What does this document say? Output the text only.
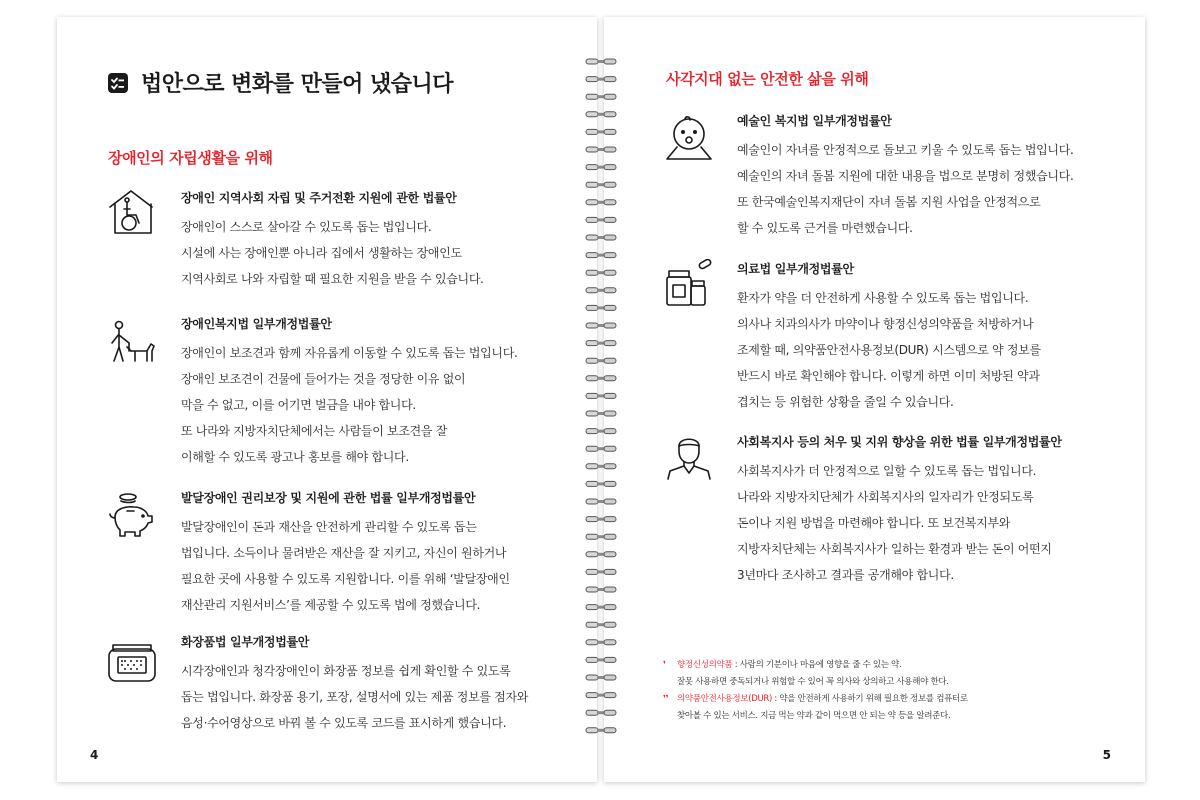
법안으로 변화를 만들어 냈습니다
장애인의 자립생활을 위해
장애인 지역사회 자립 및 주거전환 지원에 관한 법률안

장애인이 스스로 살아갈 수 있도록 돕는 법입니다.

시설에 사는 장애인뿐 아니라 집에서 생활하는 장애인도

지역사회로 나와 자립할 때 필요한 지원을 받을 수 있습니다.

장애인복지법 일부개정법률안

장애인이 보조견과 함께 자유롭게 이동할 수 있도록 돕는 법입니다.

장애인 보조견이 건물에 들어가는 것을 정당한 이유 없이

막을 수 없고, 이를 어기면 벌금을 내야 합니다.

또 나라와 지방자치단체에서는 사람들이 보조견을 잘

이해할 수 있도록 광고나 홍보를 해야 합니다.

발달장애인 권리보장 및 지원에 관한 법률 일부개정법률안

발달장애인이 돈과 재산을 안전하게 관리할 수 있도록 돕는

법입니다. 소득이나 물려받은 재산을 잘 지키고, 자신이 원하거나

필요한 곳에 사용할 수 있도록 지원합니다. 이를 위해 ‘발달장애인

재산관리 지원서비스’를 제공할 수 있도록 법에 정했습니다.

화장품법 일부개정법률안

시각장애인과 청각장애인이 화장품 정보를 쉽게 확인할 수 있도록

돕는 법입니다. 화장품 용기, 포장, 설명서에 있는 제품 정보를 점자와

음성·수어영상으로 바꿔 볼 수 있도록 코드를 표시하게 했습니다.

4
사각지대 없는 안전한 삶을 위해
예술인 복지법 일부개정법률안

예술인이 자녀를 안정적으로 돌보고 키울 수 있도록 돕는 법입니다.

예술인의 자녀 돌봄 지원에 대한 내용을 법으로 분명히 정했습니다.

또 한국예술인복지재단이 자녀 돌봄 지원 사업을 안정적으로

할 수 있도록 근거를 마련했습니다.

의료법 일부개정법률안

환자가 약을 더 안전하게 사용할 수 있도록 돕는 법입니다.

의사나 치과의사가 마약이나 향정신성의약품을 처방하거나

조제할 때, 의약품안전사용정보(DUR) 시스템으로 약 정보를

반드시 바로 확인해야 합니다. 이렇게 하면 이미 처방된 약과

겹치는 등 위험한 상황을 줄일 수 있습니다.

사회복지사 등의 처우 및 지위 향상을 위한 법률 일부개정법률안

사회복지사가 더 안정적으로 일할 수 있도록 돕는 법입니다.

나라와 지방자치단체가 사회복지사의 일자리가 안정되도록

돈이나 지원 방법을 마련해야 합니다. 또 보건복지부와

지방자치단체는 사회복지사가 일하는 환경과 받는 돈이 어떤지

3년마다 조사하고 결과를 공개해야 합니다.

❜ 향정신성의약품 : 사람의 기분이나 마음에 영향을 줄 수 있는 약.
잘못 사용하면 중독되거나 위험할 수 있어 꼭 의사와 상의하고 사용해야 한다.
❜❜ 의약품안전사용정보(DUR) : 약을 안전하게 사용하기 위해 필요한 정보를 컴퓨터로
찾아볼 수 있는 서비스. 지금 먹는 약과 같이 먹으면 안 되는 약 등을 알려준다.
5
